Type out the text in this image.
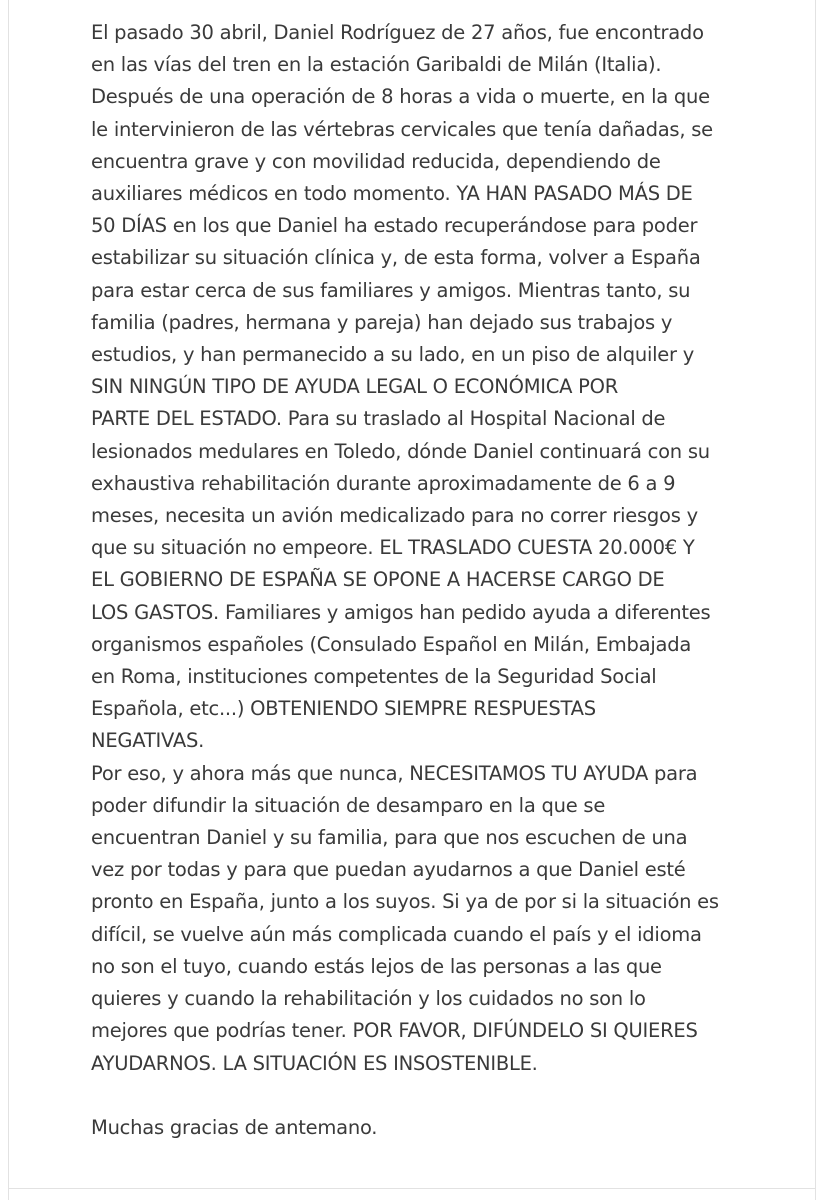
El pasado 30 abril, Daniel Rodríguez de 27 años, fue encontrado
en las vías del tren en la estación Garibaldi de Milán (Italia).
Después de una operación de 8 horas a vida o muerte, en la que
le intervinieron de las vértebras cervicales que tenía dañadas, se
encuentra grave y con movilidad reducida, dependiendo de
auxiliares médicos en todo momento. YA HAN PASADO MÁS DE
50 DÍAS en los que Daniel ha estado recuperándose para poder
estabilizar su situación clínica y, de esta forma, volver a España
para estar cerca de sus familiares y amigos. Mientras tanto, su
familia (padres, hermana y pareja) han dejado sus trabajos y
estudios, y han permanecido a su lado, en un piso de alquiler y
SIN NINGÚN TIPO DE AYUDA LEGAL O ECONÓMICA POR
PARTE DEL ESTADO. Para su traslado al Hospital Nacional de
lesionados medulares en Toledo, dónde Daniel continuará con su
exhaustiva rehabilitación durante aproximadamente de 6 a 9
meses, necesita un avión medicalizado para no correr riesgos y
que su situación no empeore. EL TRASLADO CUESTA 20.000€ Y
EL GOBIERNO DE ESPAÑA SE OPONE A HACERSE CARGO DE
LOS GASTOS. Familiares y amigos han pedido ayuda a diferentes
organismos españoles (Consulado Español en Milán, Embajada
en Roma, instituciones competentes de la Seguridad Social
Española, etc...) OBTENIENDO SIEMPRE RESPUESTAS
NEGATIVAS.
Por eso, y ahora más que nunca, NECESITAMOS TU AYUDA para
poder difundir la situación de desamparo en la que se
encuentran Daniel y su familia, para que nos escuchen de una
vez por todas y para que puedan ayudarnos a que Daniel esté
pronto en España, junto a los suyos. Si ya de por si la situación es
difícil, se vuelve aún más complicada cuando el país y el idioma
no son el tuyo, cuando estás lejos de las personas a las que
quieres y cuando la rehabilitación y los cuidados no son lo
mejores que podrías tener. POR FAVOR, DIFÚNDELO SI QUIERES
AYUDARNOS. LA SITUACIÓN ES INSOSTENIBLE.
Muchas gracias de antemano.
